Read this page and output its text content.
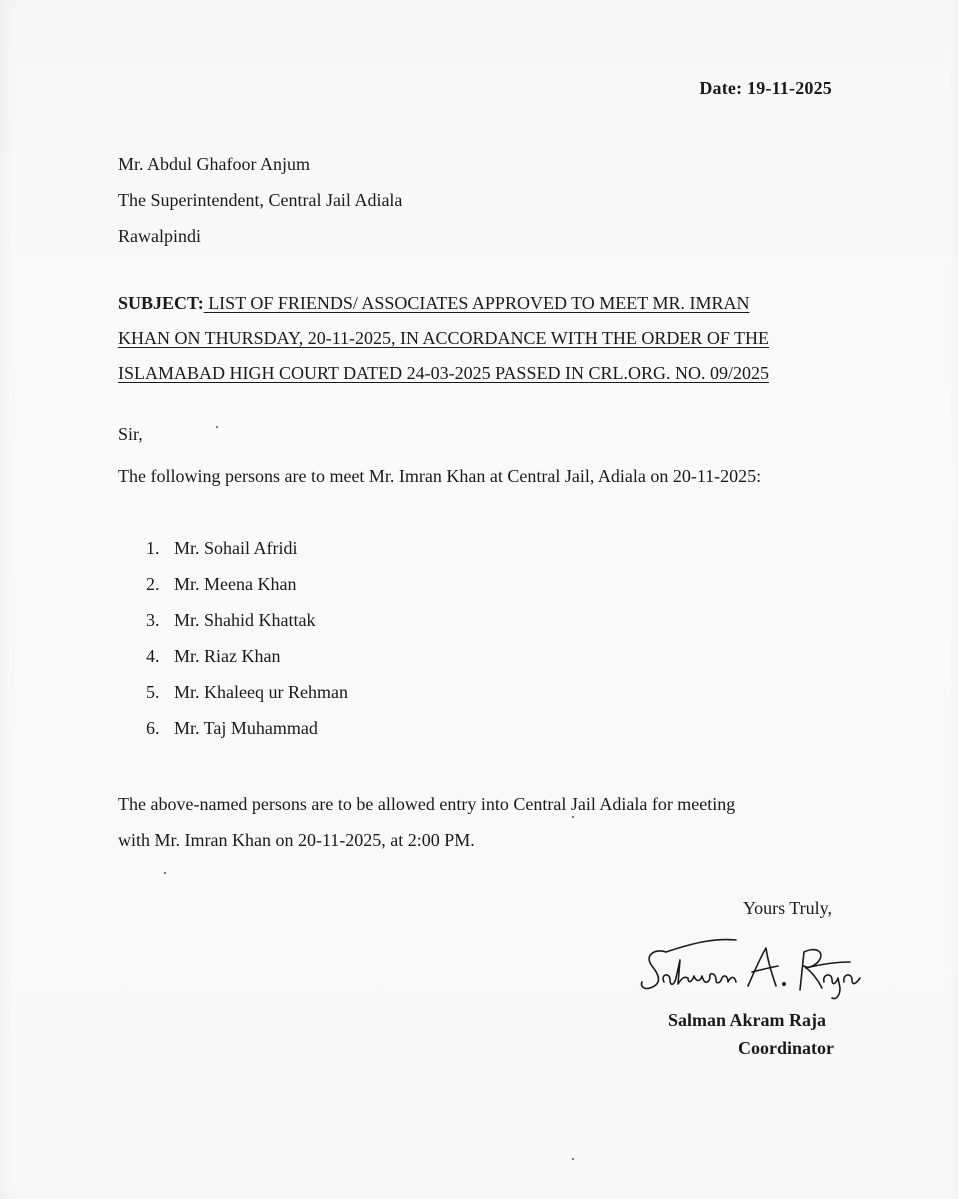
Date: 19-11-2025
Mr. Abdul Ghafoor Anjum
The Superintendent, Central Jail Adiala
Rawalpindi
SUBJECT: LIST OF FRIENDS/ ASSOCIATES APPROVED TO MEET MR. IMRAN
KHAN ON THURSDAY, 20-11-2025, IN ACCORDANCE WITH THE ORDER OF THE
ISLAMABAD HIGH COURT DATED 24-03-2025 PASSED IN CRL.ORG. NO. 09/2025
Sir,
The following persons are to meet Mr. Imran Khan at Central Jail, Adiala on 20-11-2025:
1. Mr. Sohail Afridi
2. Mr. Meena Khan
3. Mr. Shahid Khattak
4. Mr. Riaz Khan
5. Mr. Khaleeq ur Rehman
6. Mr. Taj Muhammad
The above-named persons are to be allowed entry into Central Jail Adiala for meeting
with Mr. Imran Khan on 20-11-2025, at 2:00 PM.
Yours Truly,
Salman Akram Raja
Coordinator
